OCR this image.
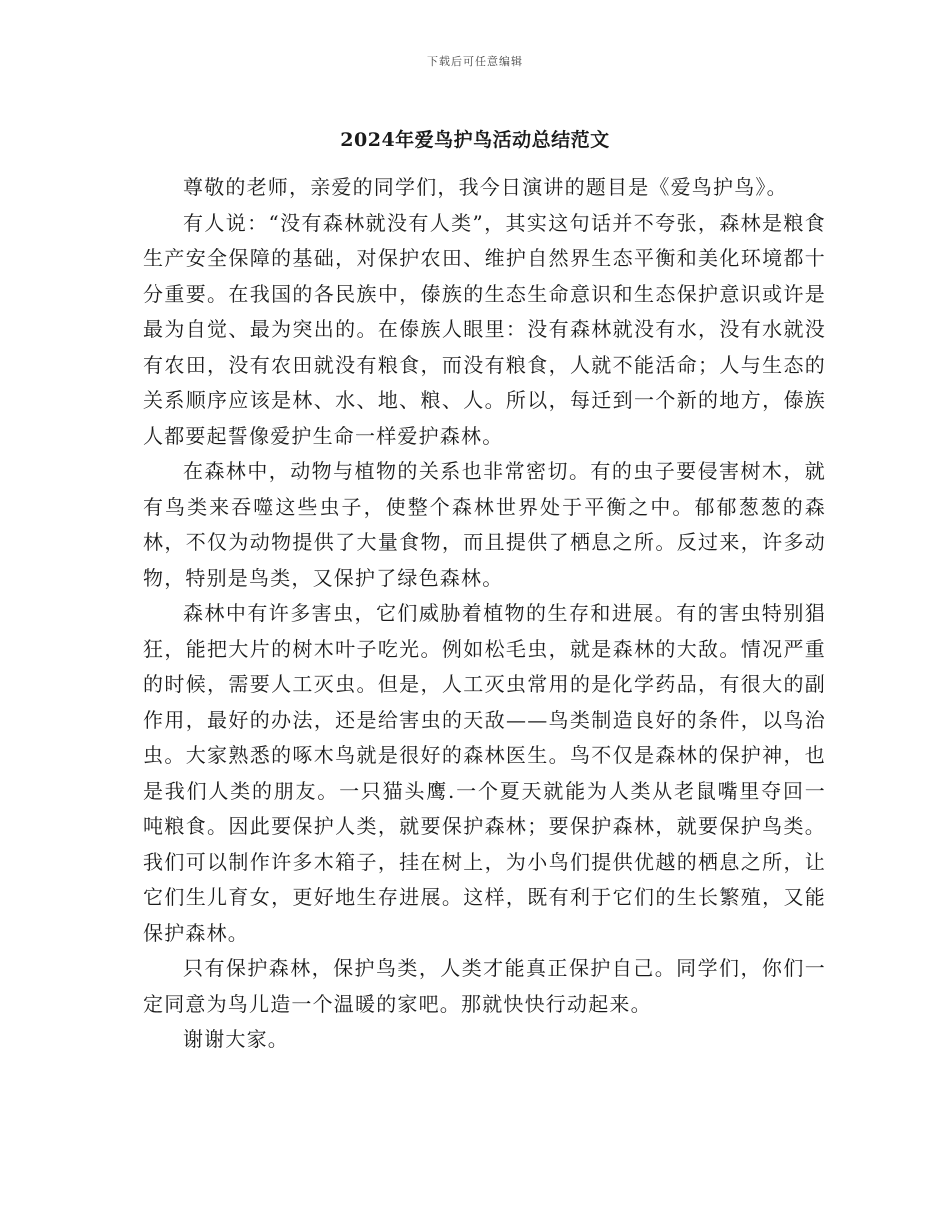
下载后可任意编辑
2024年爱鸟护鸟活动总结范文

尊敬的老师，亲爱的同学们，我今日演讲的题目是《爱鸟护鸟》。

有人说：“没有森林就没有人类”，其实这句话并不夸张，森林是粮食生产安全保障的基础，对保护农田、维护自然界生态平衡和美化环境都十分重要。在我国的各民族中，傣族的生态生命意识和生态保护意识或许是最为自觉、最为突出的。在傣族人眼里：没有森林就没有水，没有水就没有农田，没有农田就没有粮食，而没有粮食，人就不能活命；人与生态的关系顺序应该是林、水、地、粮、人。所以，每迁到一个新的地方，傣族人都要起誓像爱护生命一样爱护森林。

在森林中，动物与植物的关系也非常密切。有的虫子要侵害树木，就有鸟类来吞噬这些虫子，使整个森林世界处于平衡之中。郁郁葱葱的森林，不仅为动物提供了大量食物，而且提供了栖息之所。反过来，许多动物，特别是鸟类，又保护了绿色森林。

森林中有许多害虫，它们威胁着植物的生存和进展。有的害虫特别猖狂，能把大片的树木叶子吃光。例如松毛虫，就是森林的大敌。情况严重的时候，需要人工灭虫。但是，人工灭虫常用的是化学药品，有很大的副作用，最好的办法，还是给害虫的天敌——鸟类制造良好的条件，以鸟治虫。大家熟悉的啄木鸟就是很好的森林医生。鸟不仅是森林的保护神，也是我们人类的朋友。一只猫头鹰.一个夏天就能为人类从老鼠嘴里夺回一吨粮食。因此要保护人类，就要保护森林；要保护森林，就要保护鸟类。我们可以制作许多木箱子，挂在树上，为小鸟们提供优越的栖息之所，让它们生儿育女，更好地生存进展。这样，既有利于它们的生长繁殖，又能保护森林。

只有保护森林，保护鸟类，人类才能真正保护自己。同学们，你们一定同意为鸟儿造一个温暖的家吧。那就快快行动起来。

谢谢大家。
